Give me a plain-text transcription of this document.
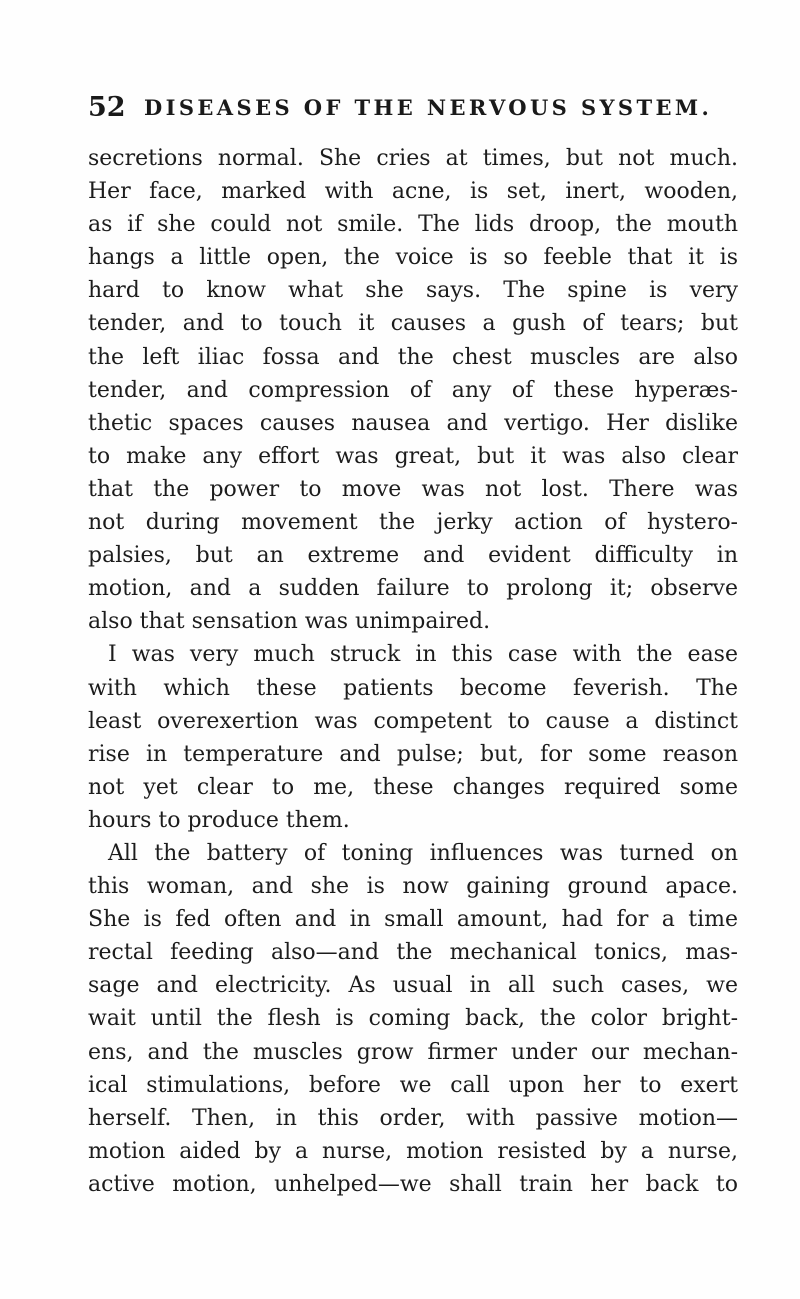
52 DISEASES OF THE NERVOUS SYSTEM.
secretions normal. She cries at times, but not much.
Her face, marked with acne, is set, inert, wooden,
as if she could not smile. The lids droop, the mouth
hangs a little open, the voice is so feeble that it is
hard to know what she says. The spine is very
tender, and to touch it causes a gush of tears; but
the left iliac fossa and the chest muscles are also
tender, and compression of any of these hyperæs-
thetic spaces causes nausea and vertigo. Her dislike
to make any effort was great, but it was also clear
that the power to move was not lost. There was
not during movement the jerky action of hystero-
palsies, but an extreme and evident difficulty in
motion, and a sudden failure to prolong it; observe
also that sensation was unimpaired.
I was very much struck in this case with the ease
with which these patients become feverish. The
least overexertion was competent to cause a distinct
rise in temperature and pulse; but, for some reason
not yet clear to me, these changes required some
hours to produce them.
All the battery of toning influences was turned on
this woman, and she is now gaining ground apace.
She is fed often and in small amount, had for a time
rectal feeding also—and the mechanical tonics, mas-
sage and electricity. As usual in all such cases, we
wait until the flesh is coming back, the color bright-
ens, and the muscles grow firmer under our mechan-
ical stimulations, before we call upon her to exert
herself. Then, in this order, with passive motion—
motion aided by a nurse, motion resisted by a nurse,
active motion, unhelped—we shall train her back to
